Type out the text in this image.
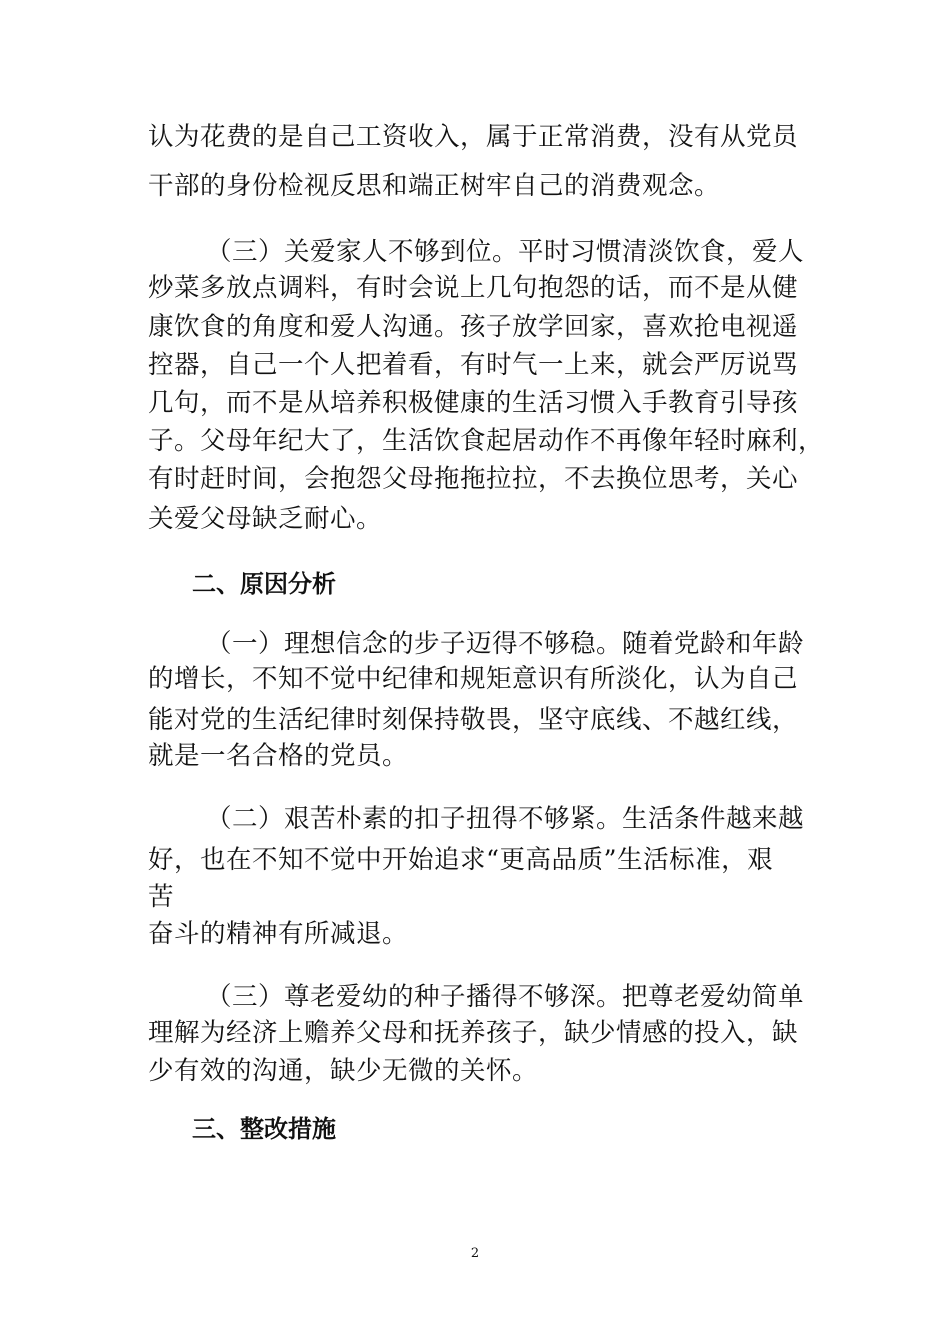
认为花费的是自己工资收入，属于正常消费，没有从党员
干部的身份检视反思和端正树牢自己的消费观念。
（三）关爱家人不够到位。平时习惯清淡饮食，爱人
炒菜多放点调料，有时会说上几句抱怨的话，而不是从健
康饮食的角度和爱人沟通。孩子放学回家，喜欢抢电视遥
控器，自己一个人把着看，有时气一上来，就会严厉说骂
几句，而不是从培养积极健康的生活习惯入手教育引导孩
子。父母年纪大了，生活饮食起居动作不再像年轻时麻利，
有时赶时间，会抱怨父母拖拖拉拉，不去换位思考，关心
关爱父母缺乏耐心。
二、原因分析
（一）理想信念的步子迈得不够稳。随着党龄和年龄
的增长，不知不觉中纪律和规矩意识有所淡化，认为自己
能对党的生活纪律时刻保持敬畏，坚守底线、不越红线，
就是一名合格的党员。
（二）艰苦朴素的扣子扭得不够紧。生活条件越来越
好，也在不知不觉中开始追求“更高品质”生活标准，艰
苦
奋斗的精神有所减退。
（三）尊老爱幼的种子播得不够深。把尊老爱幼简单
理解为经济上赡养父母和抚养孩子，缺少情感的投入，缺
少有效的沟通，缺少无微的关怀。
三、整改措施
2
